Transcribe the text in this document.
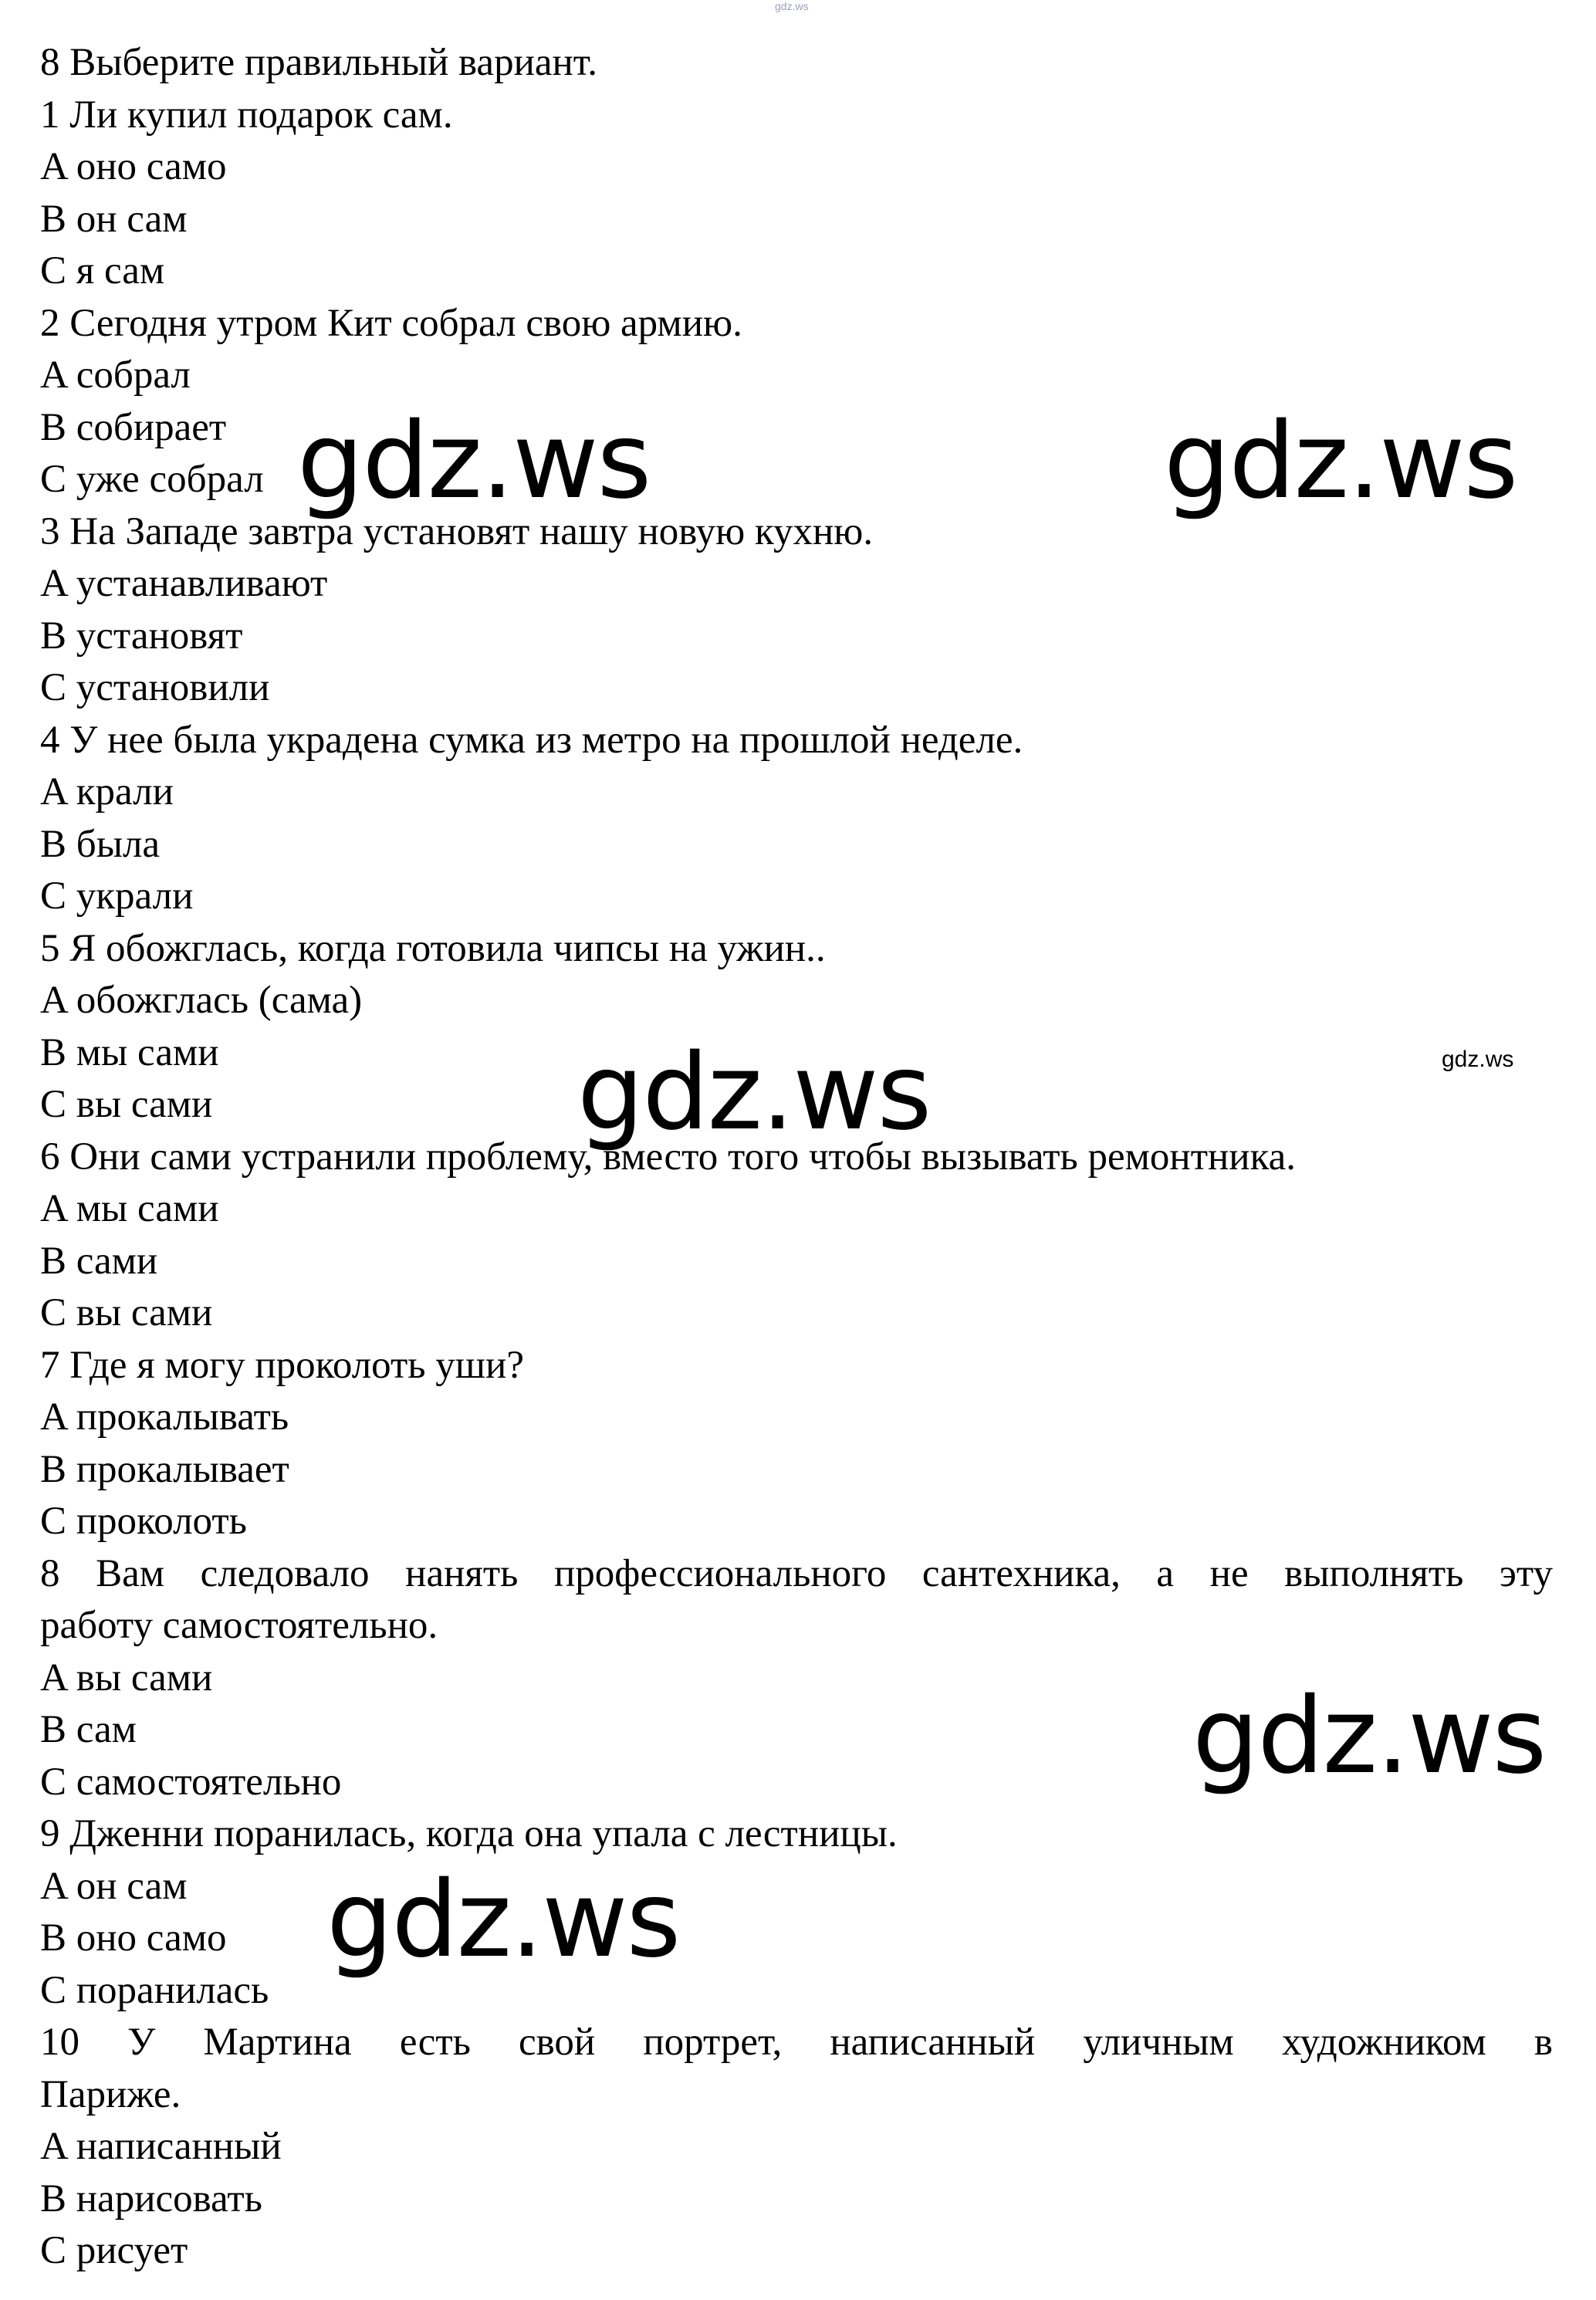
gdz.ws
8 Выберите правильный вариант.
1 Ли купил подарок сам.
A оно само
B он сам
C я сам
2 Сегодня утром Кит собрал свою армию.
A собрал
B собирает
C уже собрал
3 На Западе завтра установят нашу новую кухню.
A устанавливают
B установят
C установили
4 У нее была украдена сумка из метро на прошлой неделе.
A крали
B была
C украли
5 Я обожглась, когда готовила чипсы на ужин..
A обожглась (сама)
B мы сами
C вы сами
6 Они сами устранили проблему, вместо того чтобы вызывать ремонтника.
A мы сами
B сами
C вы сами
7 Где я могу проколоть уши?
A прокалывать
B прокалывает
C проколоть
8 Вам следовало нанять профессионального сантехника, а не выполнять эту
работу самостоятельно.
A вы сами
B сам
C самостоятельно
9 Дженни поранилась, когда она упала с лестницы.
A он сам
B оно само
C поранилась
10 У Мартина есть свой портрет, написанный уличным художником в
Париже.
A написанный
B нарисовать
C рисует
gdz.ws	gdz.ws
gdz.ws
gdz.ws
gdz.ws
gdz.ws
